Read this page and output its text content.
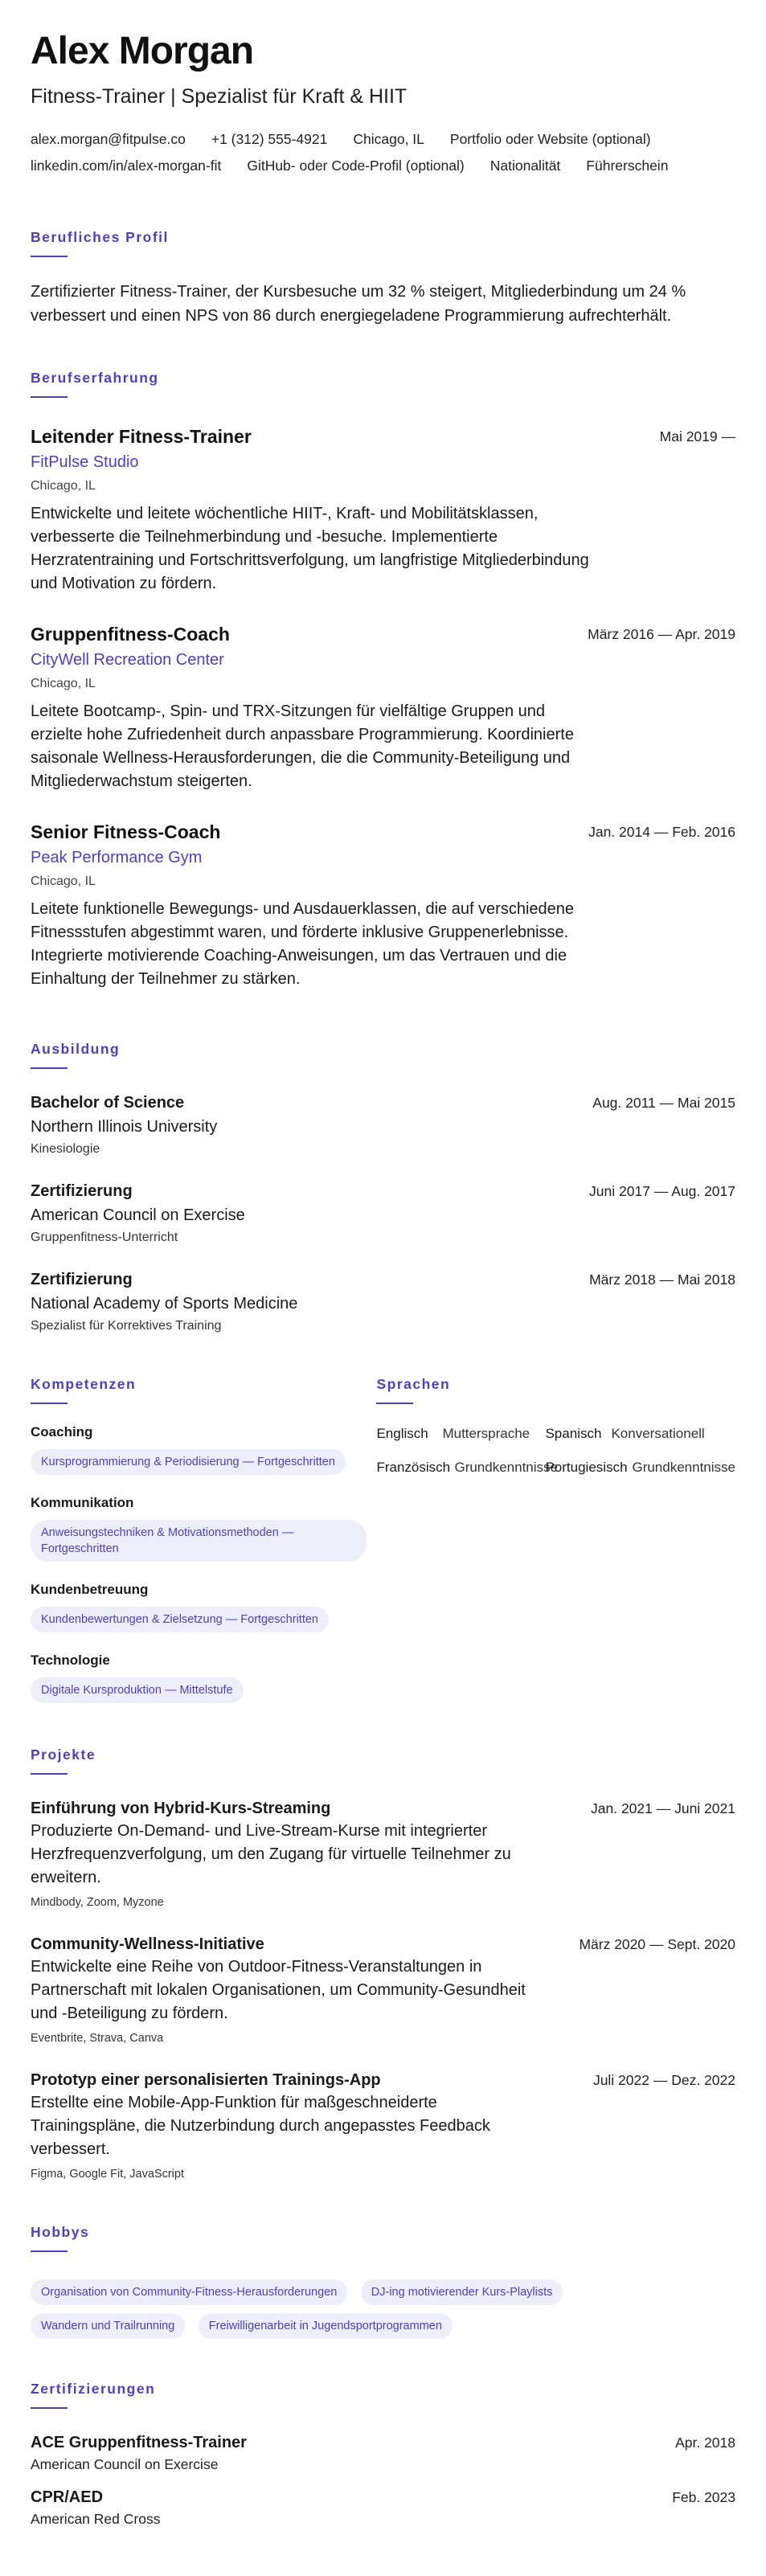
Alex Morgan
Fitness-Trainer | Spezialist für Kraft & HIIT
alex.morgan@fitpulse.co +1 (312) 555-4921 Chicago, IL Portfolio oder Website (optional)
linkedin.com/in/alex-morgan-fit GitHub- oder Code-Profil (optional) Nationalität Führerschein
Berufliches Profil
Zertifizierter Fitness-Trainer, der Kursbesuche um 32 % steigert, Mitgliederbindung um 24 % verbessert und einen NPS von 86 durch energiegeladene Programmierung aufrechterhält.
Berufserfahrung
Leitender Fitness-Trainer	Mai 2019 —
FitPulse Studio
Chicago, IL
Entwickelte und leitete wöchentliche HIIT-, Kraft- und Mobilitätsklassen, verbesserte die Teilnehmerbindung und -besuche. Implementierte Herzratentraining und Fortschrittsverfolgung, um langfristige Mitgliederbindung und Motivation zu fördern.
Gruppenfitness-Coach	März 2016 — Apr. 2019
CityWell Recreation Center
Chicago, IL
Leitete Bootcamp-, Spin- und TRX-Sitzungen für vielfältige Gruppen und erzielte hohe Zufriedenheit durch anpassbare Programmierung. Koordinierte saisonale Wellness-Herausforderungen, die die Community-Beteiligung und Mitgliederwachstum steigerten.
Senior Fitness-Coach	Jan. 2014 — Feb. 2016
Peak Performance Gym
Chicago, IL
Leitete funktionelle Bewegungs- und Ausdauerklassen, die auf verschiedene Fitnessstufen abgestimmt waren, und förderte inklusive Gruppenerlebnisse. Integrierte motivierende Coaching-Anweisungen, um das Vertrauen und die Einhaltung der Teilnehmer zu stärken.
Ausbildung
Bachelor of Science	Aug. 2011 — Mai 2015
Northern Illinois University
Kinesiologie
Zertifizierung	Juni 2017 — Aug. 2017
American Council on Exercise
Gruppenfitness-Unterricht
Zertifizierung	März 2018 — Mai 2018
National Academy of Sports Medicine
Spezialist für Korrektives Training
Kompetenzen
Coaching
Kursprogrammierung & Periodisierung — Fortgeschritten
Kommunikation
Anweisungstechniken & Motivationsmethoden — Fortgeschritten
Kundenbetreuung
Kundenbewertungen & Zielsetzung — Fortgeschritten
Technologie
Digitale Kursproduktion — Mittelstufe
Sprachen
Englisch	Muttersprache	Spanisch Konversationell
Französisch Grundkenntnisse
Portugiesisch Grundkenntnisse
Projekte
Einführung von Hybrid-Kurs-Streaming	Jan. 2021 — Juni 2021
Produzierte On-Demand- und Live-Stream-Kurse mit integrierter Herzfrequenzverfolgung, um den Zugang für virtuelle Teilnehmer zu erweitern.
Mindbody, Zoom, Myzone
Community-Wellness-Initiative	März 2020 — Sept. 2020
Entwickelte eine Reihe von Outdoor-Fitness-Veranstaltungen in Partnerschaft mit lokalen Organisationen, um Community-Gesundheit und -Beteiligung zu fördern.
Eventbrite, Strava, Canva
Prototyp einer personalisierten Trainings-App	Juli 2022 — Dez. 2022
Erstellte eine Mobile-App-Funktion für maßgeschneiderte Trainingspläne, die Nutzerbindung durch angepasstes Feedback verbessert.
Figma, Google Fit, JavaScript
Hobbys
Organisation von Community-Fitness-Herausforderungen	DJ-ing motivierender Kurs-Playlists Wandern und Trailrunning	Freiwilligenarbeit in Jugendsportprogrammen
Zertifizierungen
ACE Gruppenfitness-Trainer	Apr. 2018
American Council on Exercise
CPR/AED	Feb. 2023
American Red Cross
